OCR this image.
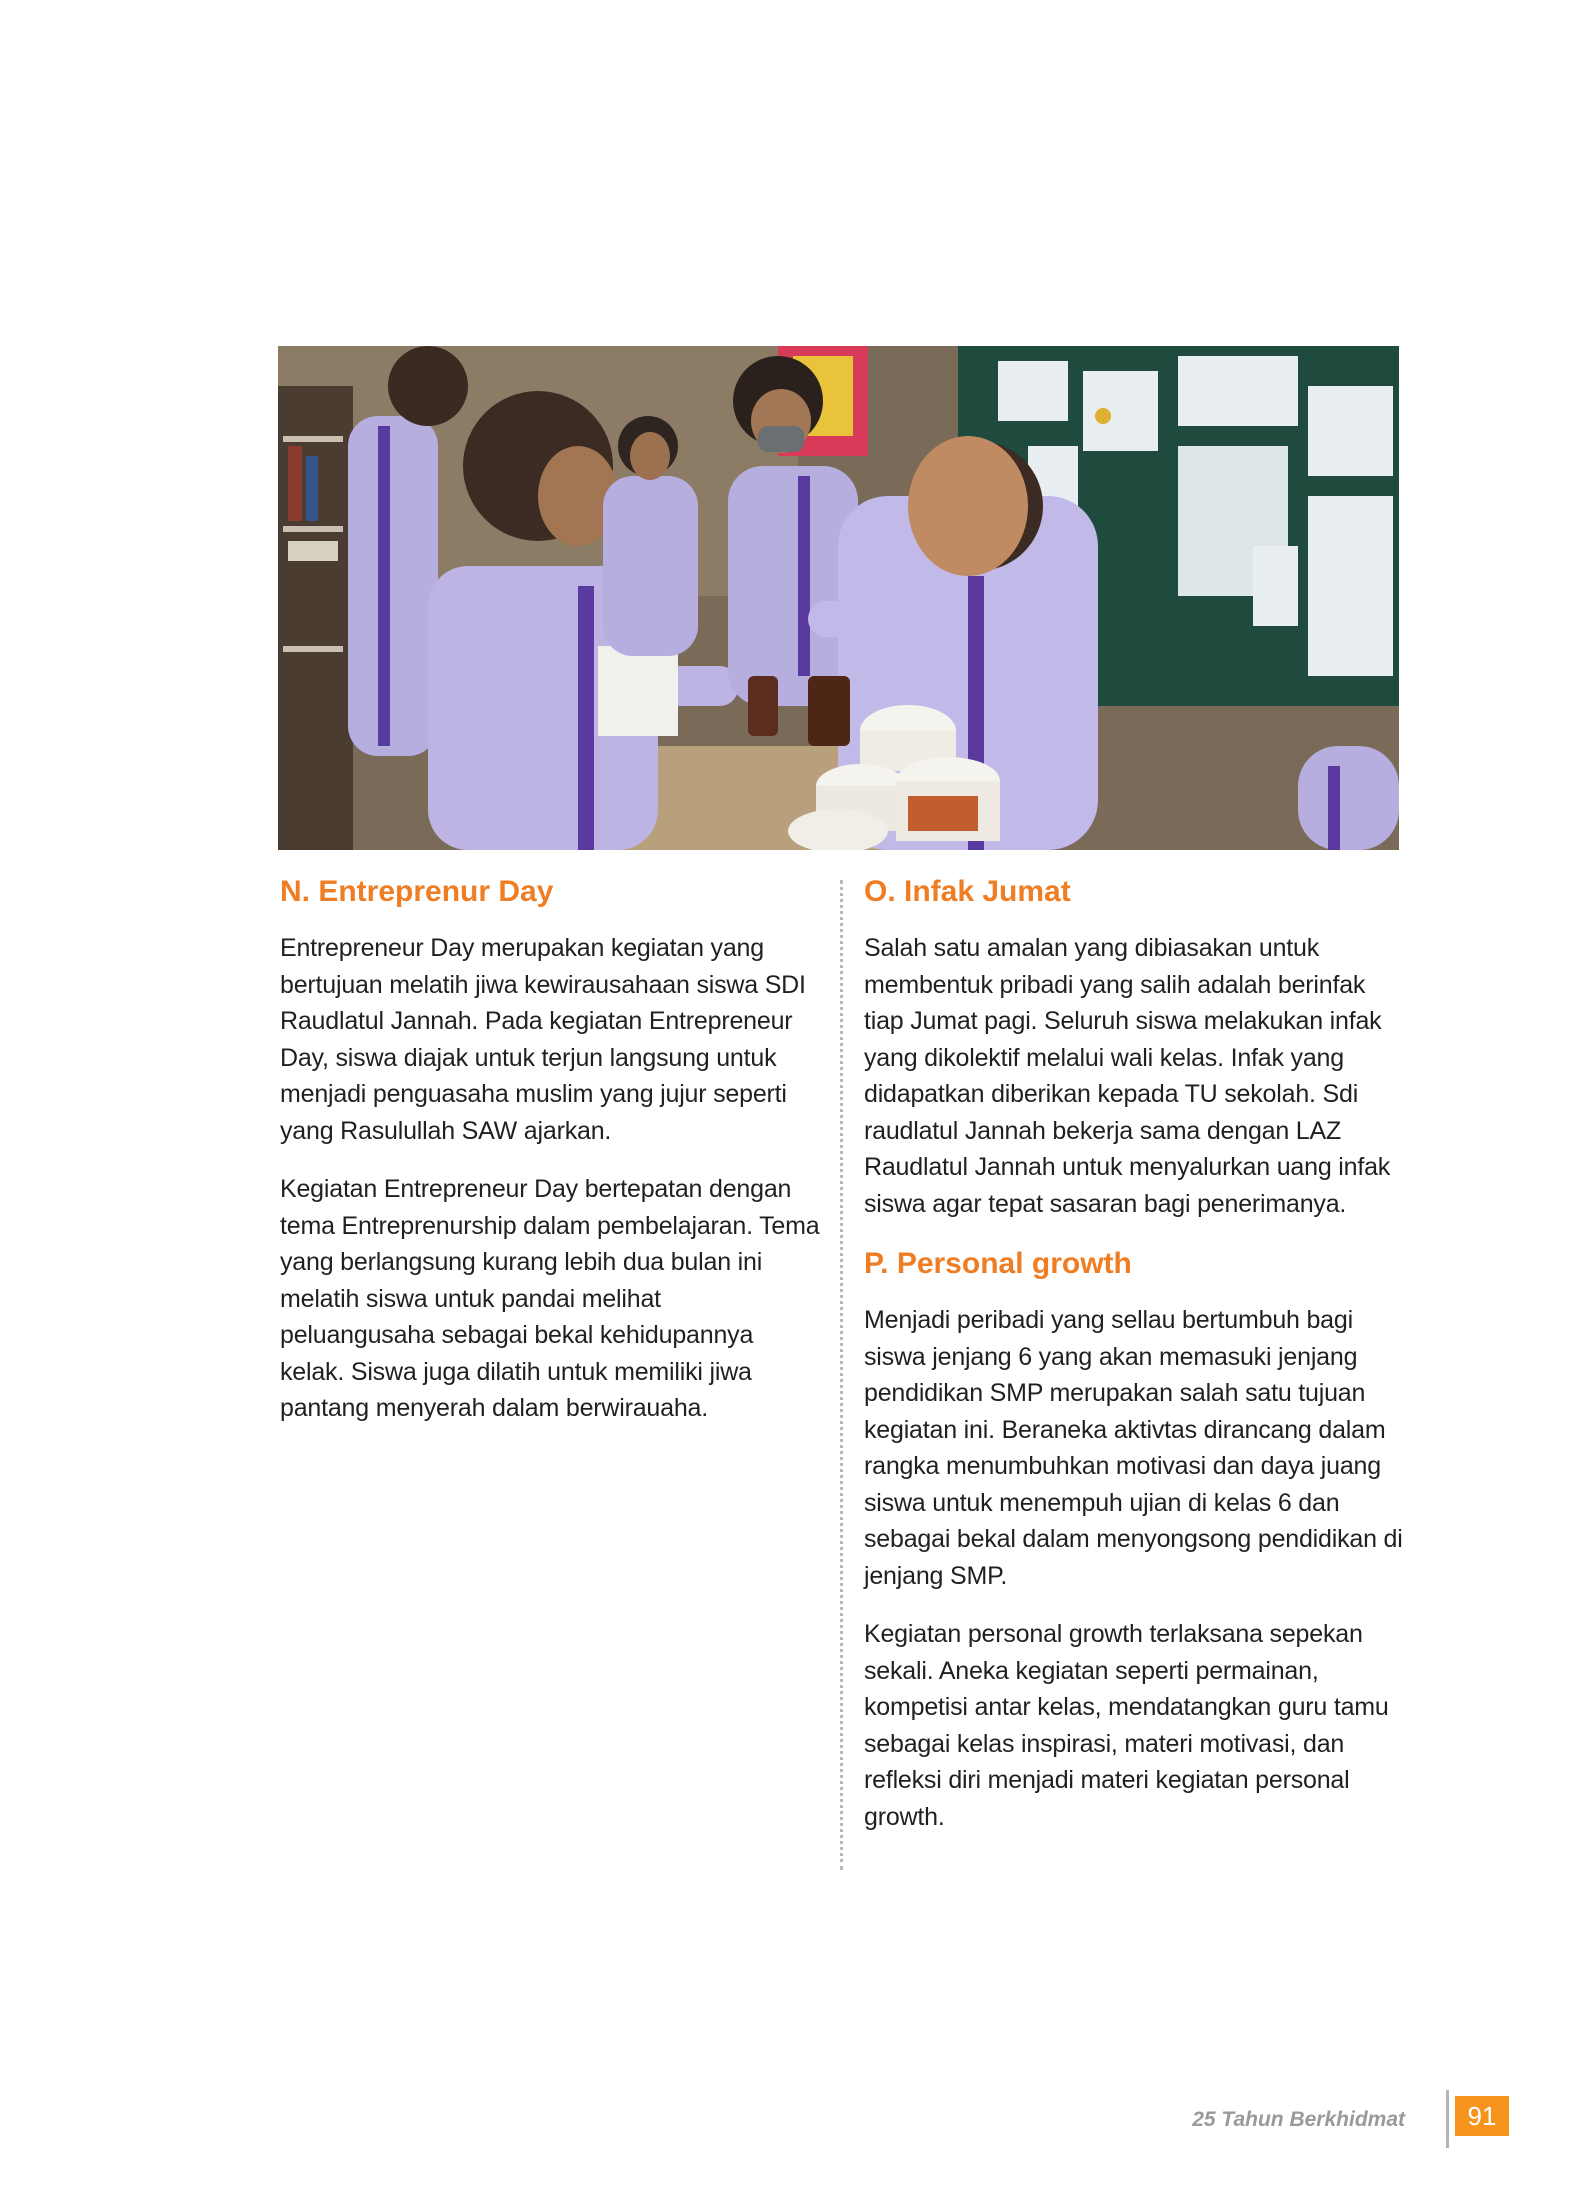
N. Entreprenur Day

Entrepreneur Day merupakan kegiatan yang bertujuan melatih jiwa kewirausahaan siswa SDI Raudlatul Jannah. Pada kegiatan Entrepreneur Day, siswa diajak untuk terjun langsung untuk menjadi penguasaha muslim yang jujur seperti yang Rasulullah SAW ajarkan.

Kegiatan Entrepreneur Day bertepatan dengan tema Entreprenurship dalam pembelajaran. Tema yang berlangsung kurang lebih dua bulan ini melatih siswa untuk pandai melihat peluangusaha sebagai bekal kehidupannya kelak. Siswa juga dilatih untuk memiliki jiwa pantang menyerah dalam berwirauaha.

O. Infak Jumat

Salah satu amalan yang dibiasakan untuk membentuk pribadi yang salih adalah berinfak tiap Jumat pagi. Seluruh siswa melakukan infak yang dikolektif melalui wali kelas. Infak yang didapatkan diberikan kepada TU sekolah. Sdi raudlatul Jannah bekerja sama dengan LAZ Raudlatul Jannah untuk menyalurkan uang infak siswa agar tepat sasaran bagi penerimanya.

P. Personal growth

Menjadi peribadi yang sellau bertumbuh bagi siswa jenjang 6 yang akan memasuki jenjang pendidikan SMP merupakan salah satu tujuan kegiatan ini. Beraneka aktivtas dirancang dalam rangka menumbuhkan motivasi dan daya juang siswa untuk menempuh ujian di kelas 6 dan sebagai bekal dalam menyongsong pendidikan di jenjang SMP.

Kegiatan personal growth terlaksana sepekan sekali. Aneka kegiatan seperti permainan, kompetisi antar kelas, mendatangkan guru tamu sebagai kelas inspirasi, materi motivasi, dan refleksi diri menjadi materi kegiatan personal growth.

25 Tahun Berkhidmat	91
